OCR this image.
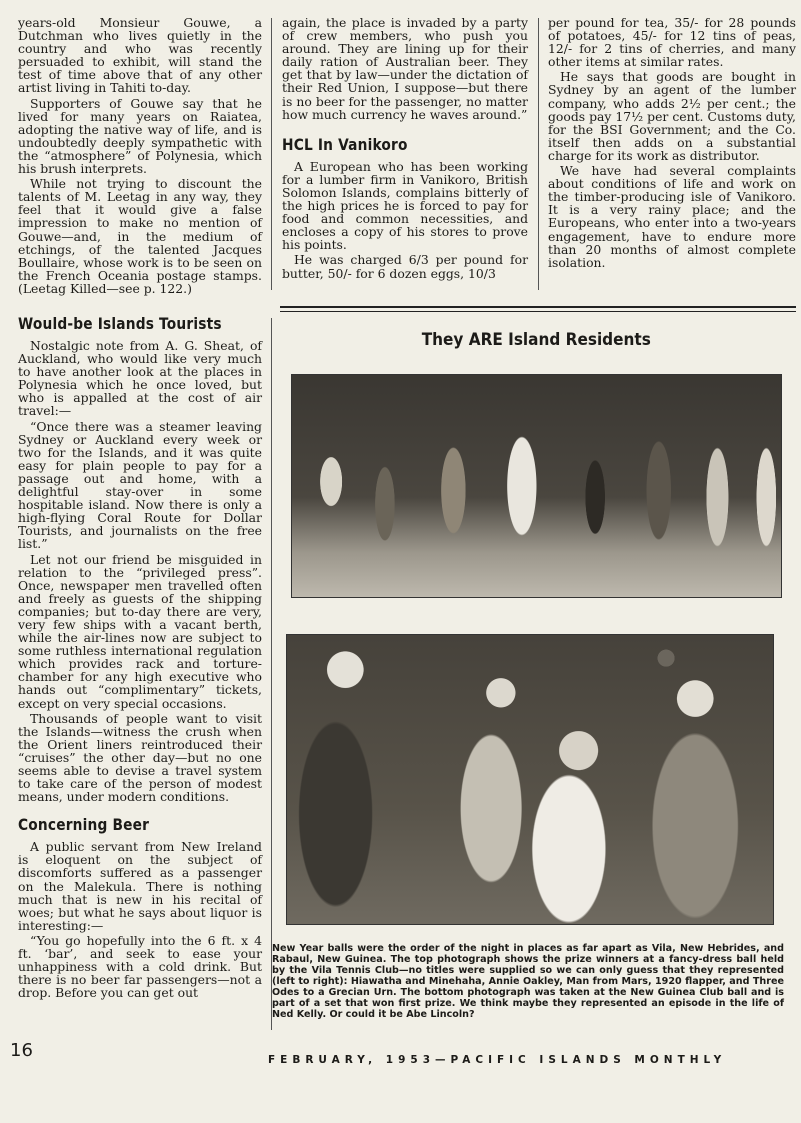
years-old Monsieur Gouwe, a Dutchman who lives quietly in the country and who was recently persuaded to exhibit, will stand the test of time above that of any other artist living in Tahiti to-day.

Supporters of Gouwe say that he lived for many years on Raiatea, adopting the native way of life, and is undoubtedly deeply sympathetic with the “atmosphere” of Polynesia, which his brush interprets.

While not trying to discount the talents of M. Leetag in any way, they feel that it would give a false impression to make no mention of Gouwe—and, in the medium of etchings, of the talented Jacques Boullaire, whose work is to be seen on the French Oceania postage stamps. (Leetag Killed—see p. 122.)

again, the place is invaded by a party of crew members, who push you around. They are lining up for their daily ration of Australian beer. They get that by law—under the dictation of their Red Union, I suppose—but there is no beer for the passenger, no matter how much currency he waves around.”

HCL In Vanikoro

A European who has been working for a lumber firm in Vanikoro, British Solomon Islands, complains bitterly of the high prices he is forced to pay for food and common necessities, and encloses a copy of his stores to prove his points.

He was charged 6/3 per pound for butter, 50/- for 6 dozen eggs, 10/3

per pound for tea, 35/- for 28 pounds of potatoes, 45/- for 12 tins of peas, 12/- for 2 tins of cherries, and many other items at similar rates.

He says that goods are bought in Sydney by an agent of the lumber company, who adds 2½ per cent.; the goods pay 17½ per cent. Customs duty, for the BSI Government; and the Co. itself then adds on a substantial charge for its work as distributor.

We have had several complaints about conditions of life and work on the timber-producing isle of Vanikoro. It is a very rainy place; and the Europeans, who enter into a two-years engagement, have to endure more than 20 months of almost complete isolation.

Would-be Islands Tourists

Nostalgic note from A. G. Sheat, of Auckland, who would like very much to have another look at the places in Polynesia which he once loved, but who is appalled at the cost of air travel:—

“Once there was a steamer leaving Sydney or Auckland every week or two for the Islands, and it was quite easy for plain people to pay for a passage out and home, with a delightful stay-over in some hospitable island. Now there is only a high-flying Coral Route for Dollar Tourists, and journalists on the free list.”

Let not our friend be misguided in relation to the “privileged press”. Once, newspaper men travelled often and freely as guests of the shipping companies; but to-day there are very, very few ships with a vacant berth, while the air-lines now are subject to some ruthless international regulation which provides rack and torture-chamber for any high executive who hands out “complimentary” tickets, except on very special occasions.

Thousands of people want to visit the Islands—witness the crush when the Orient liners reintroduced their “cruises” the other day—but no one seems able to devise a travel system to take care of the person of modest means, under modern conditions.

Concerning Beer

A public servant from New Ireland is eloquent on the subject of discomforts suffered as a passenger on the Malekula. There is nothing much that is new in his recital of woes; but what he says about liquor is interesting:—

“You go hopefully into the 6 ft. x 4 ft. ‘bar’, and seek to ease your unhappiness with a cold drink. But there is no beer far passengers—not a drop. Before you can get out

They ARE Island Residents
New Year balls were the order of the night in places as far apart as Vila, New Hebrides, and Rabaul, New Guinea. The top photograph shows the prize winners at a fancy-dress ball held by the Vila Tennis Club—no titles were supplied so we can only guess that they represented (left to right): Hiawatha and Minehaha, Annie Oakley, Man from Mars, 1920 flapper, and Three Odes to a Grecian Urn. The bottom photograph was taken at the New Guinea Club ball and is part of a set that won first prize. We think maybe they represented an episode in the life of Ned Kelly. Or could it be Abe Lincoln?
16	FEBRUARY, 1953—PACIFIC ISLANDS MONTHLY
